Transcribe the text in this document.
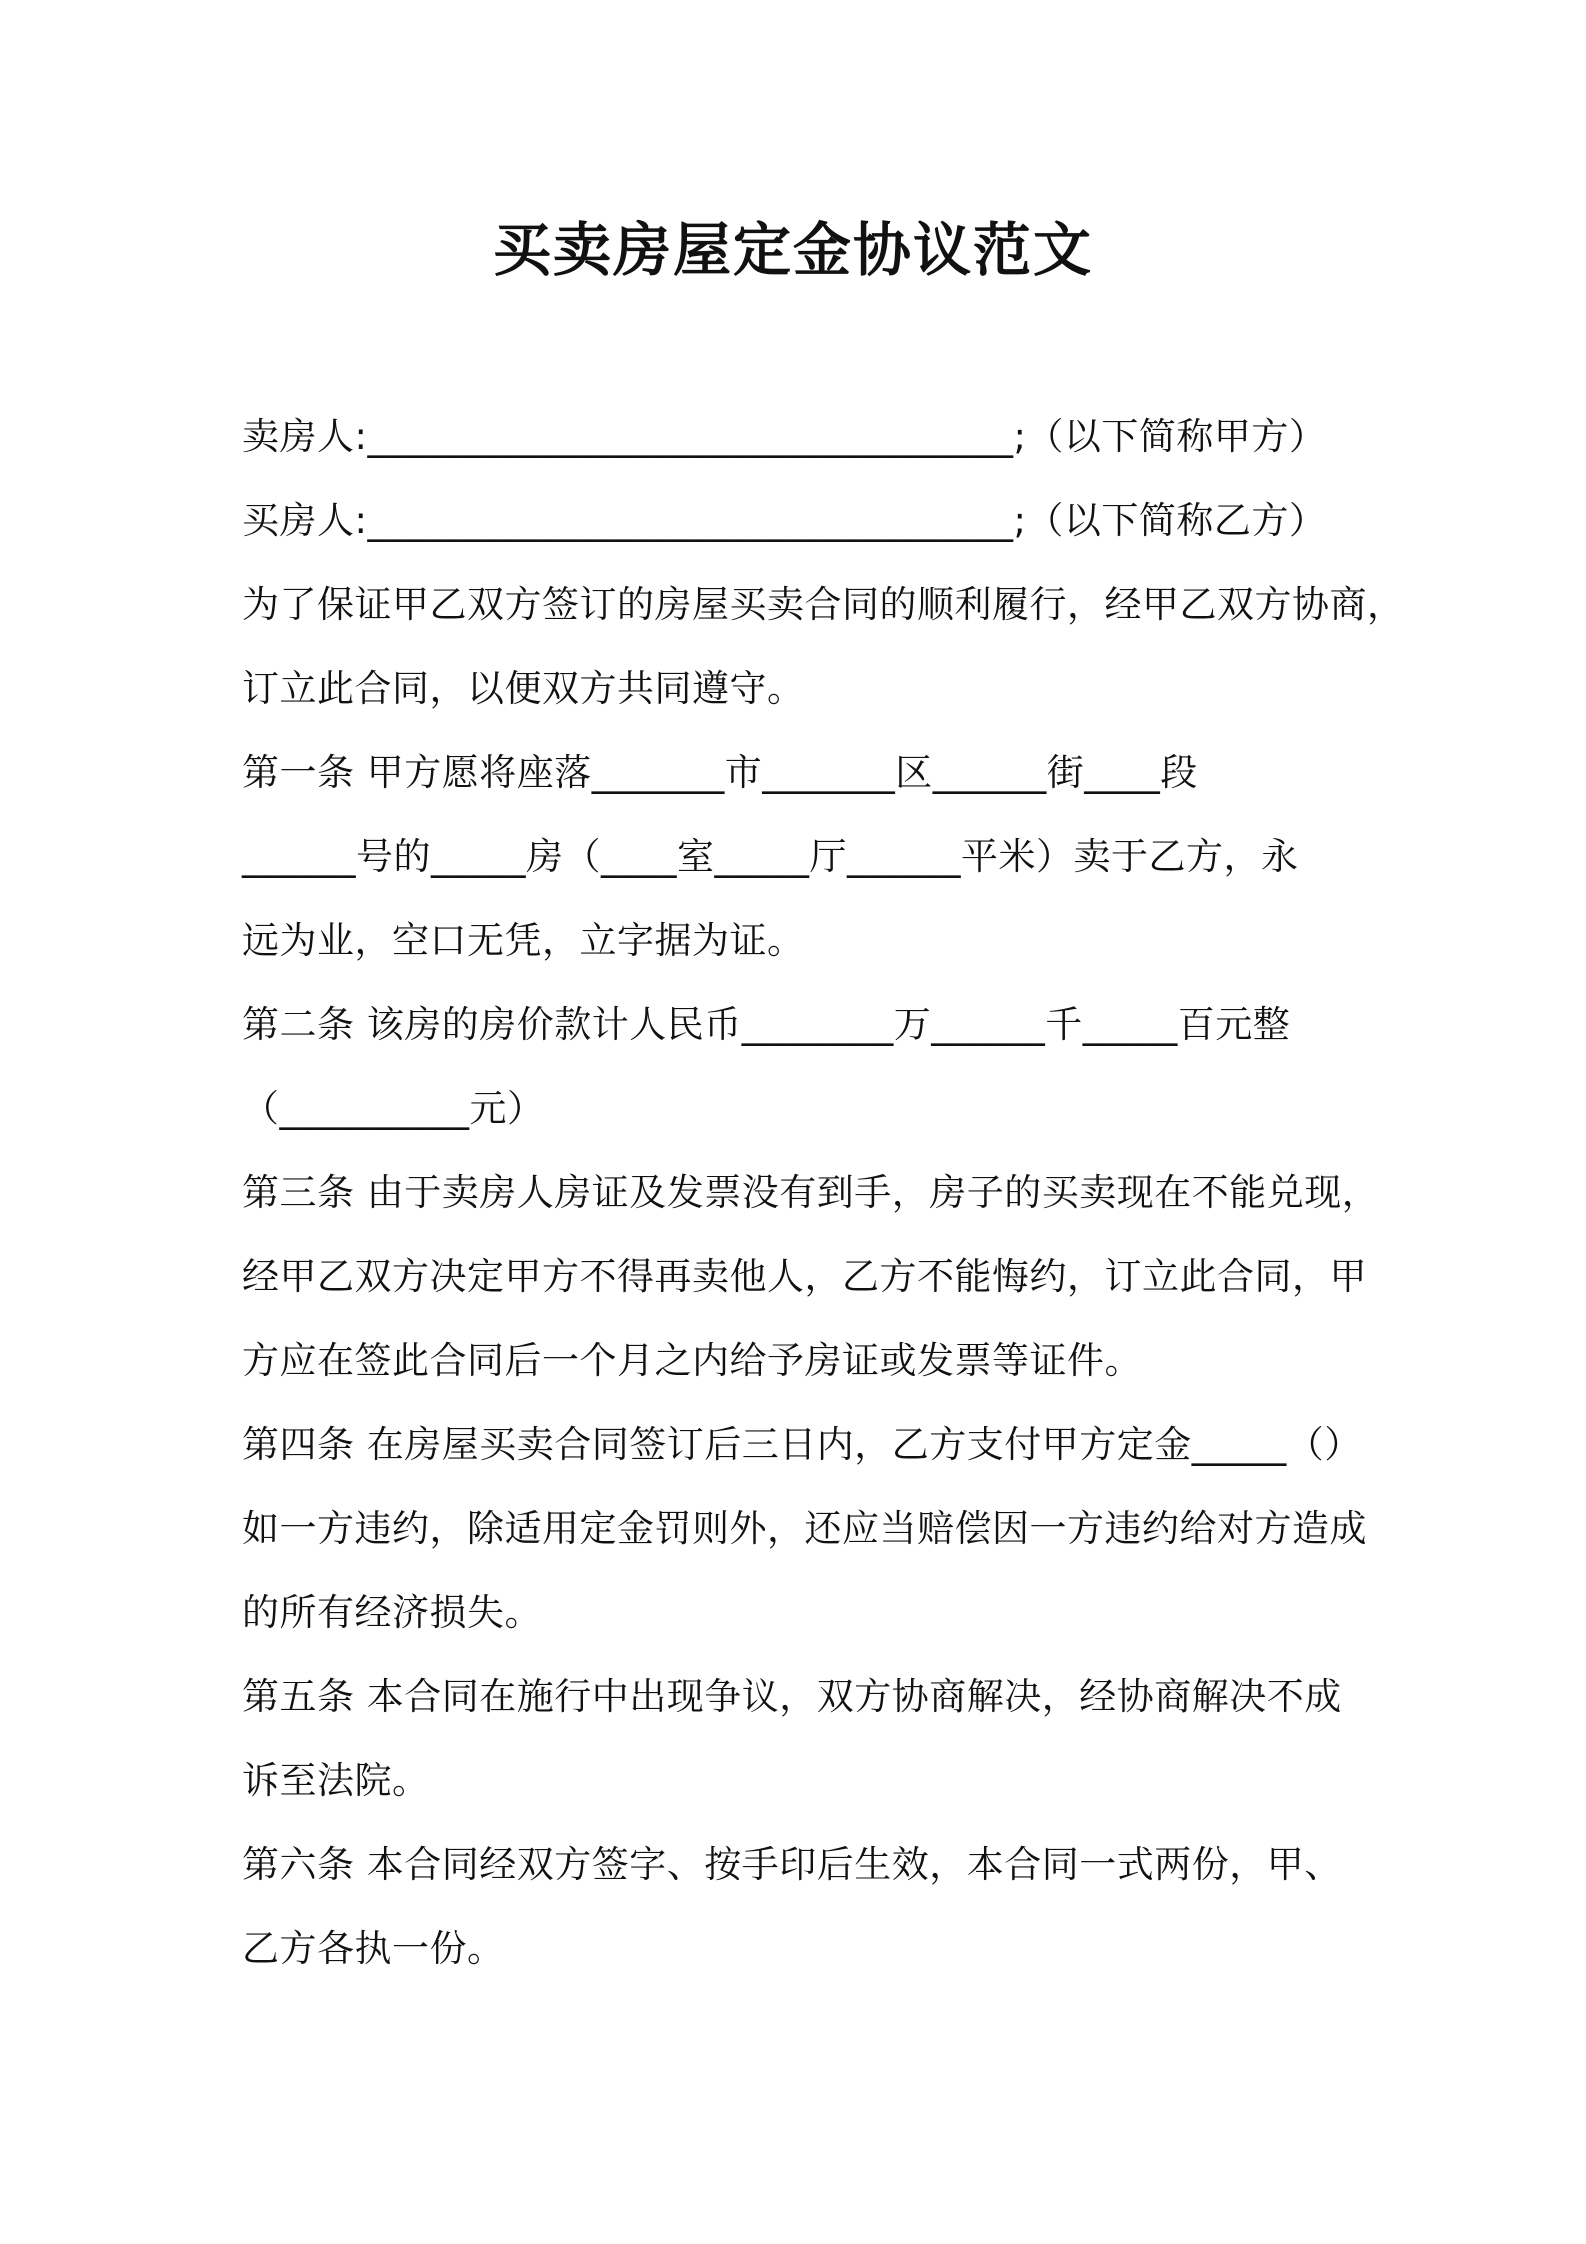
买卖房屋定金协议范文
卖房人:__________________________________;（以下简称甲方）
买房人:__________________________________;（以下简称乙方）
为了保证甲乙双方签订的房屋买卖合同的顺利履行，经甲乙双方协商，
订立此合同，以便双方共同遵守。
第一条 甲方愿将座落_______市_______区______街____段
______号的_____房（____室_____厅______平米）卖于乙方，永
远为业，空口无凭，立字据为证。
第二条 该房的房价款计人民币________万______千_____百元整
（__________元）
第三条 由于卖房人房证及发票没有到手，房子的买卖现在不能兑现，
经甲乙双方决定甲方不得再卖他人，乙方不能悔约，订立此合同，甲
方应在签此合同后一个月之内给予房证或发票等证件。
第四条 在房屋买卖合同签订后三日内，乙方支付甲方定金_____（）
如一方违约，除适用定金罚则外，还应当赔偿因一方违约给对方造成
的所有经济损失。
第五条 本合同在施行中出现争议，双方协商解决，经协商解决不成
诉至法院。
第六条 本合同经双方签字、按手印后生效，本合同一式两份，甲、
乙方各执一份。
